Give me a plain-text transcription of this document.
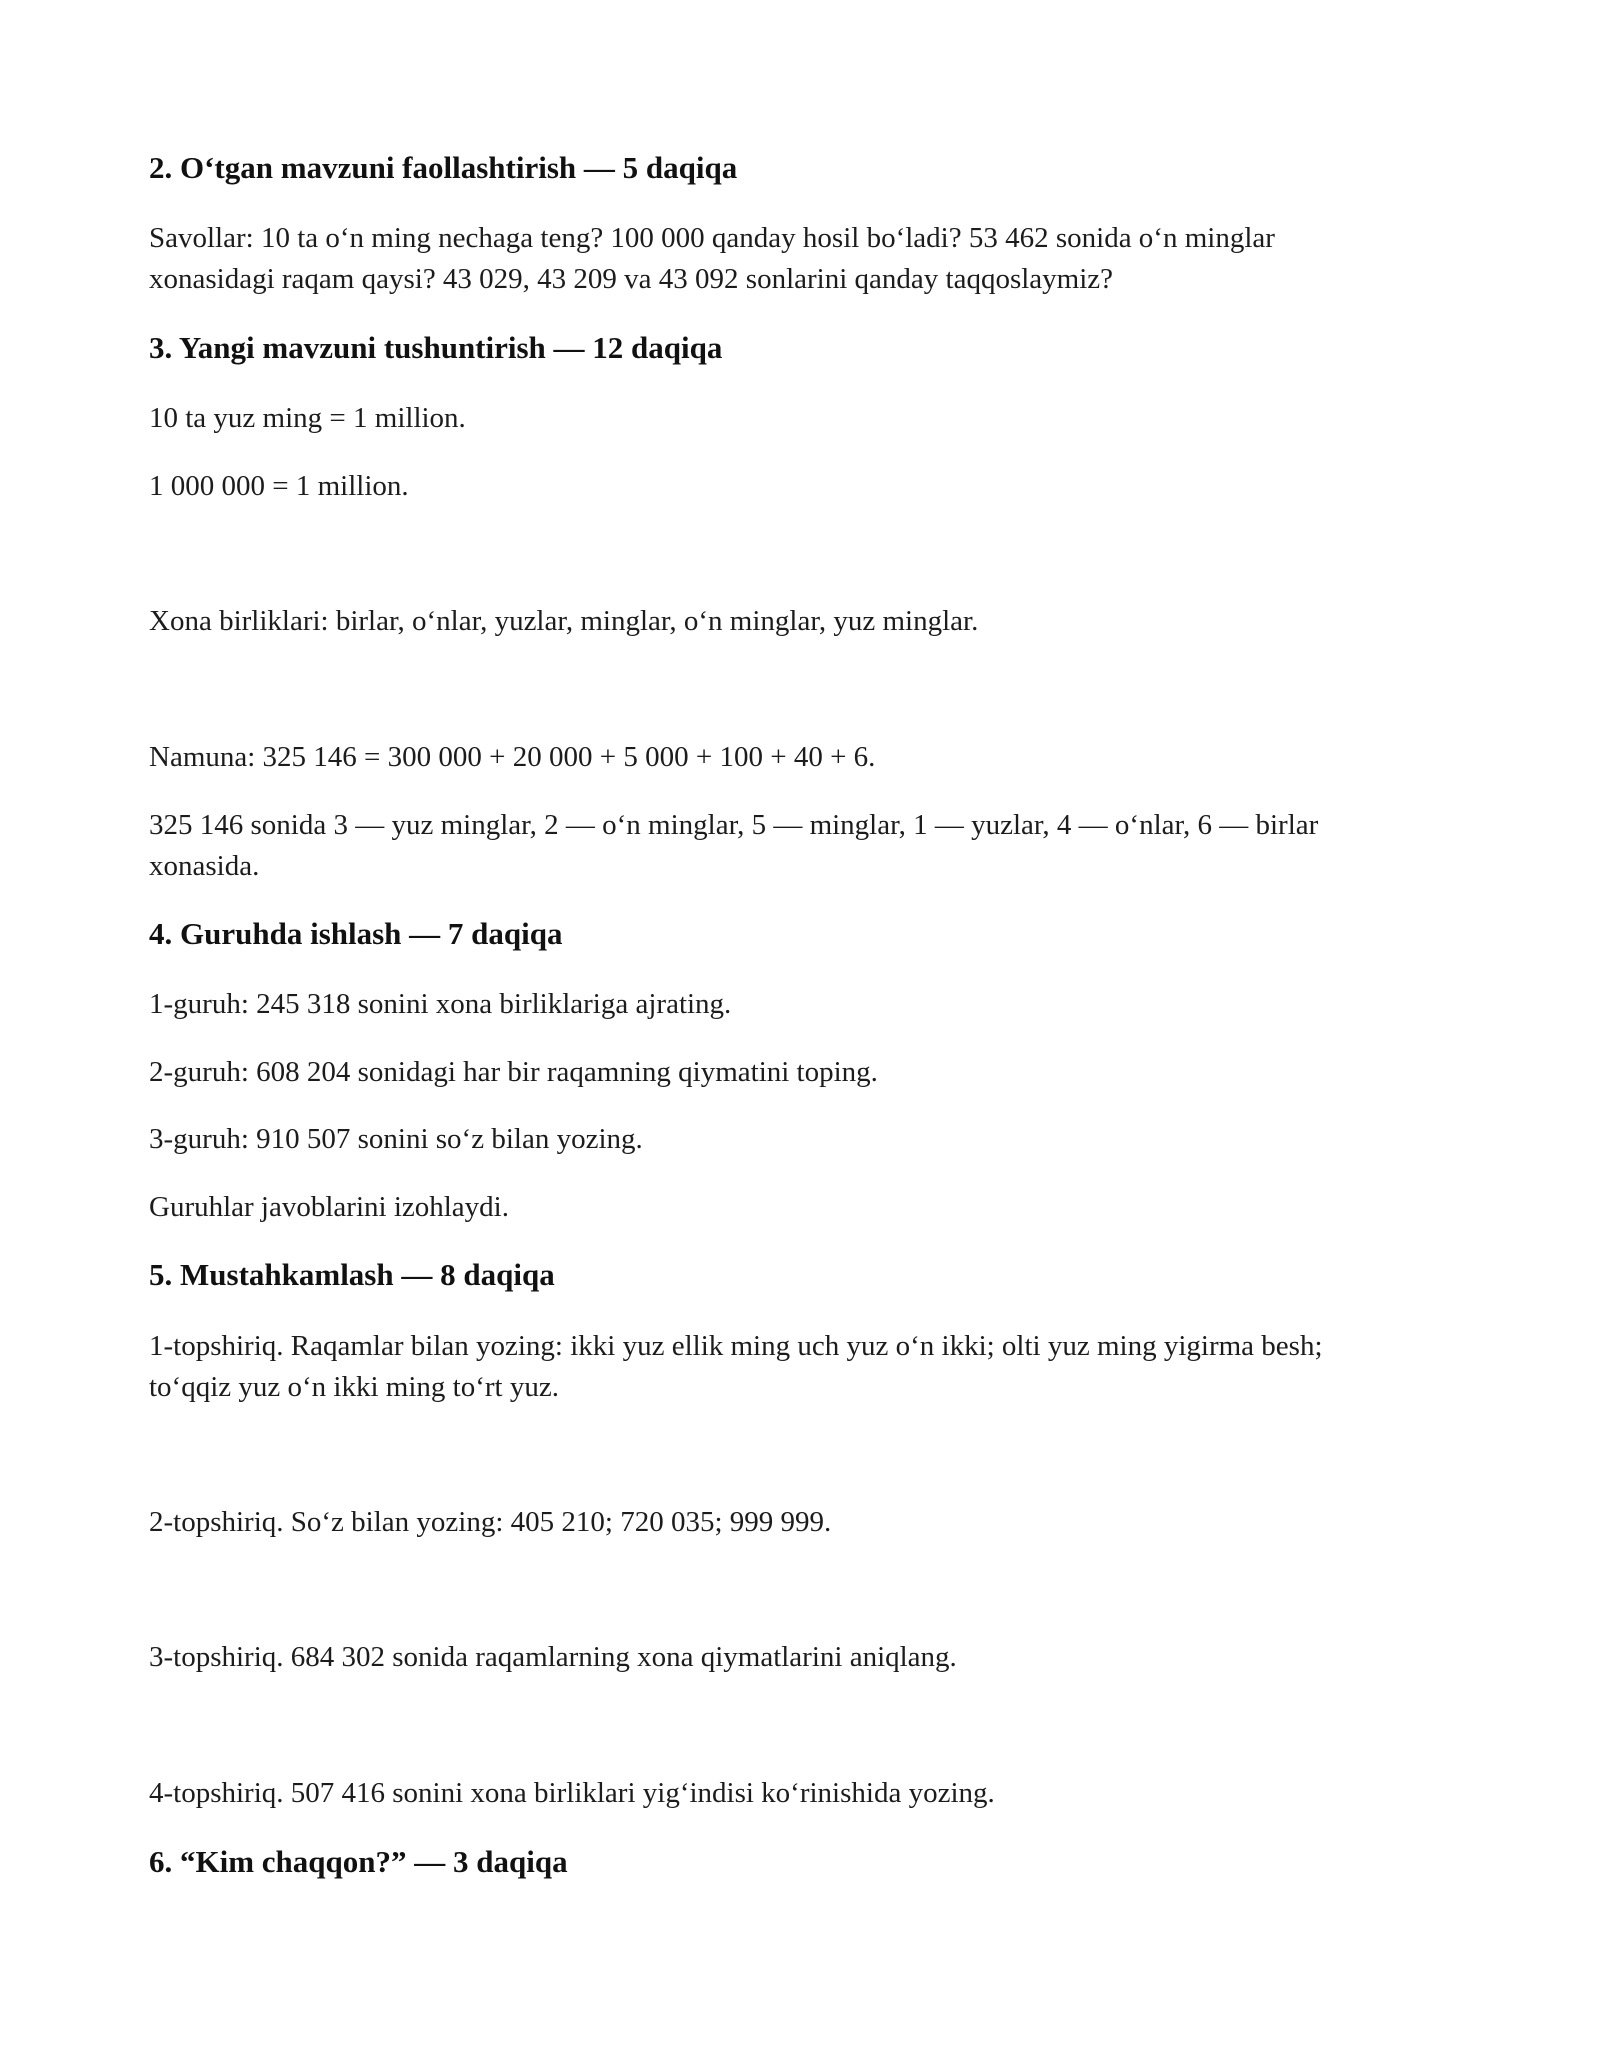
2. O‘tgan mavzuni faollashtirish — 5 daqiqa

Savollar: 10 ta o‘n ming nechaga teng? 100 000 qanday hosil bo‘ladi? 53 462 sonida o‘n minglar

xonasidagi raqam qaysi? 43 029, 43 209 va 43 092 sonlarini qanday taqqoslaymiz?

3. Yangi mavzuni tushuntirish — 12 daqiqa

10 ta yuz ming = 1 million.

1 000 000 = 1 million.

Xona birliklari: birlar, o‘nlar, yuzlar, minglar, o‘n minglar, yuz minglar.

Namuna: 325 146 = 300 000 + 20 000 + 5 000 + 100 + 40 + 6.

325 146 sonida 3 — yuz minglar, 2 — o‘n minglar, 5 — minglar, 1 — yuzlar, 4 — o‘nlar, 6 — birlar

xonasida.

4. Guruhda ishlash — 7 daqiqa

1-guruh: 245 318 sonini xona birliklariga ajrating.

2-guruh: 608 204 sonidagi har bir raqamning qiymatini toping.

3-guruh: 910 507 sonini so‘z bilan yozing.

Guruhlar javoblarini izohlaydi.

5. Mustahkamlash — 8 daqiqa

1-topshiriq. Raqamlar bilan yozing: ikki yuz ellik ming uch yuz o‘n ikki; olti yuz ming yigirma besh;

to‘qqiz yuz o‘n ikki ming to‘rt yuz.

2-topshiriq. So‘z bilan yozing: 405 210; 720 035; 999 999.

3-topshiriq. 684 302 sonida raqamlarning xona qiymatlarini aniqlang.

4-topshiriq. 507 416 sonini xona birliklari yig‘indisi ko‘rinishida yozing.

6. “Kim chaqqon?” — 3 daqiqa
